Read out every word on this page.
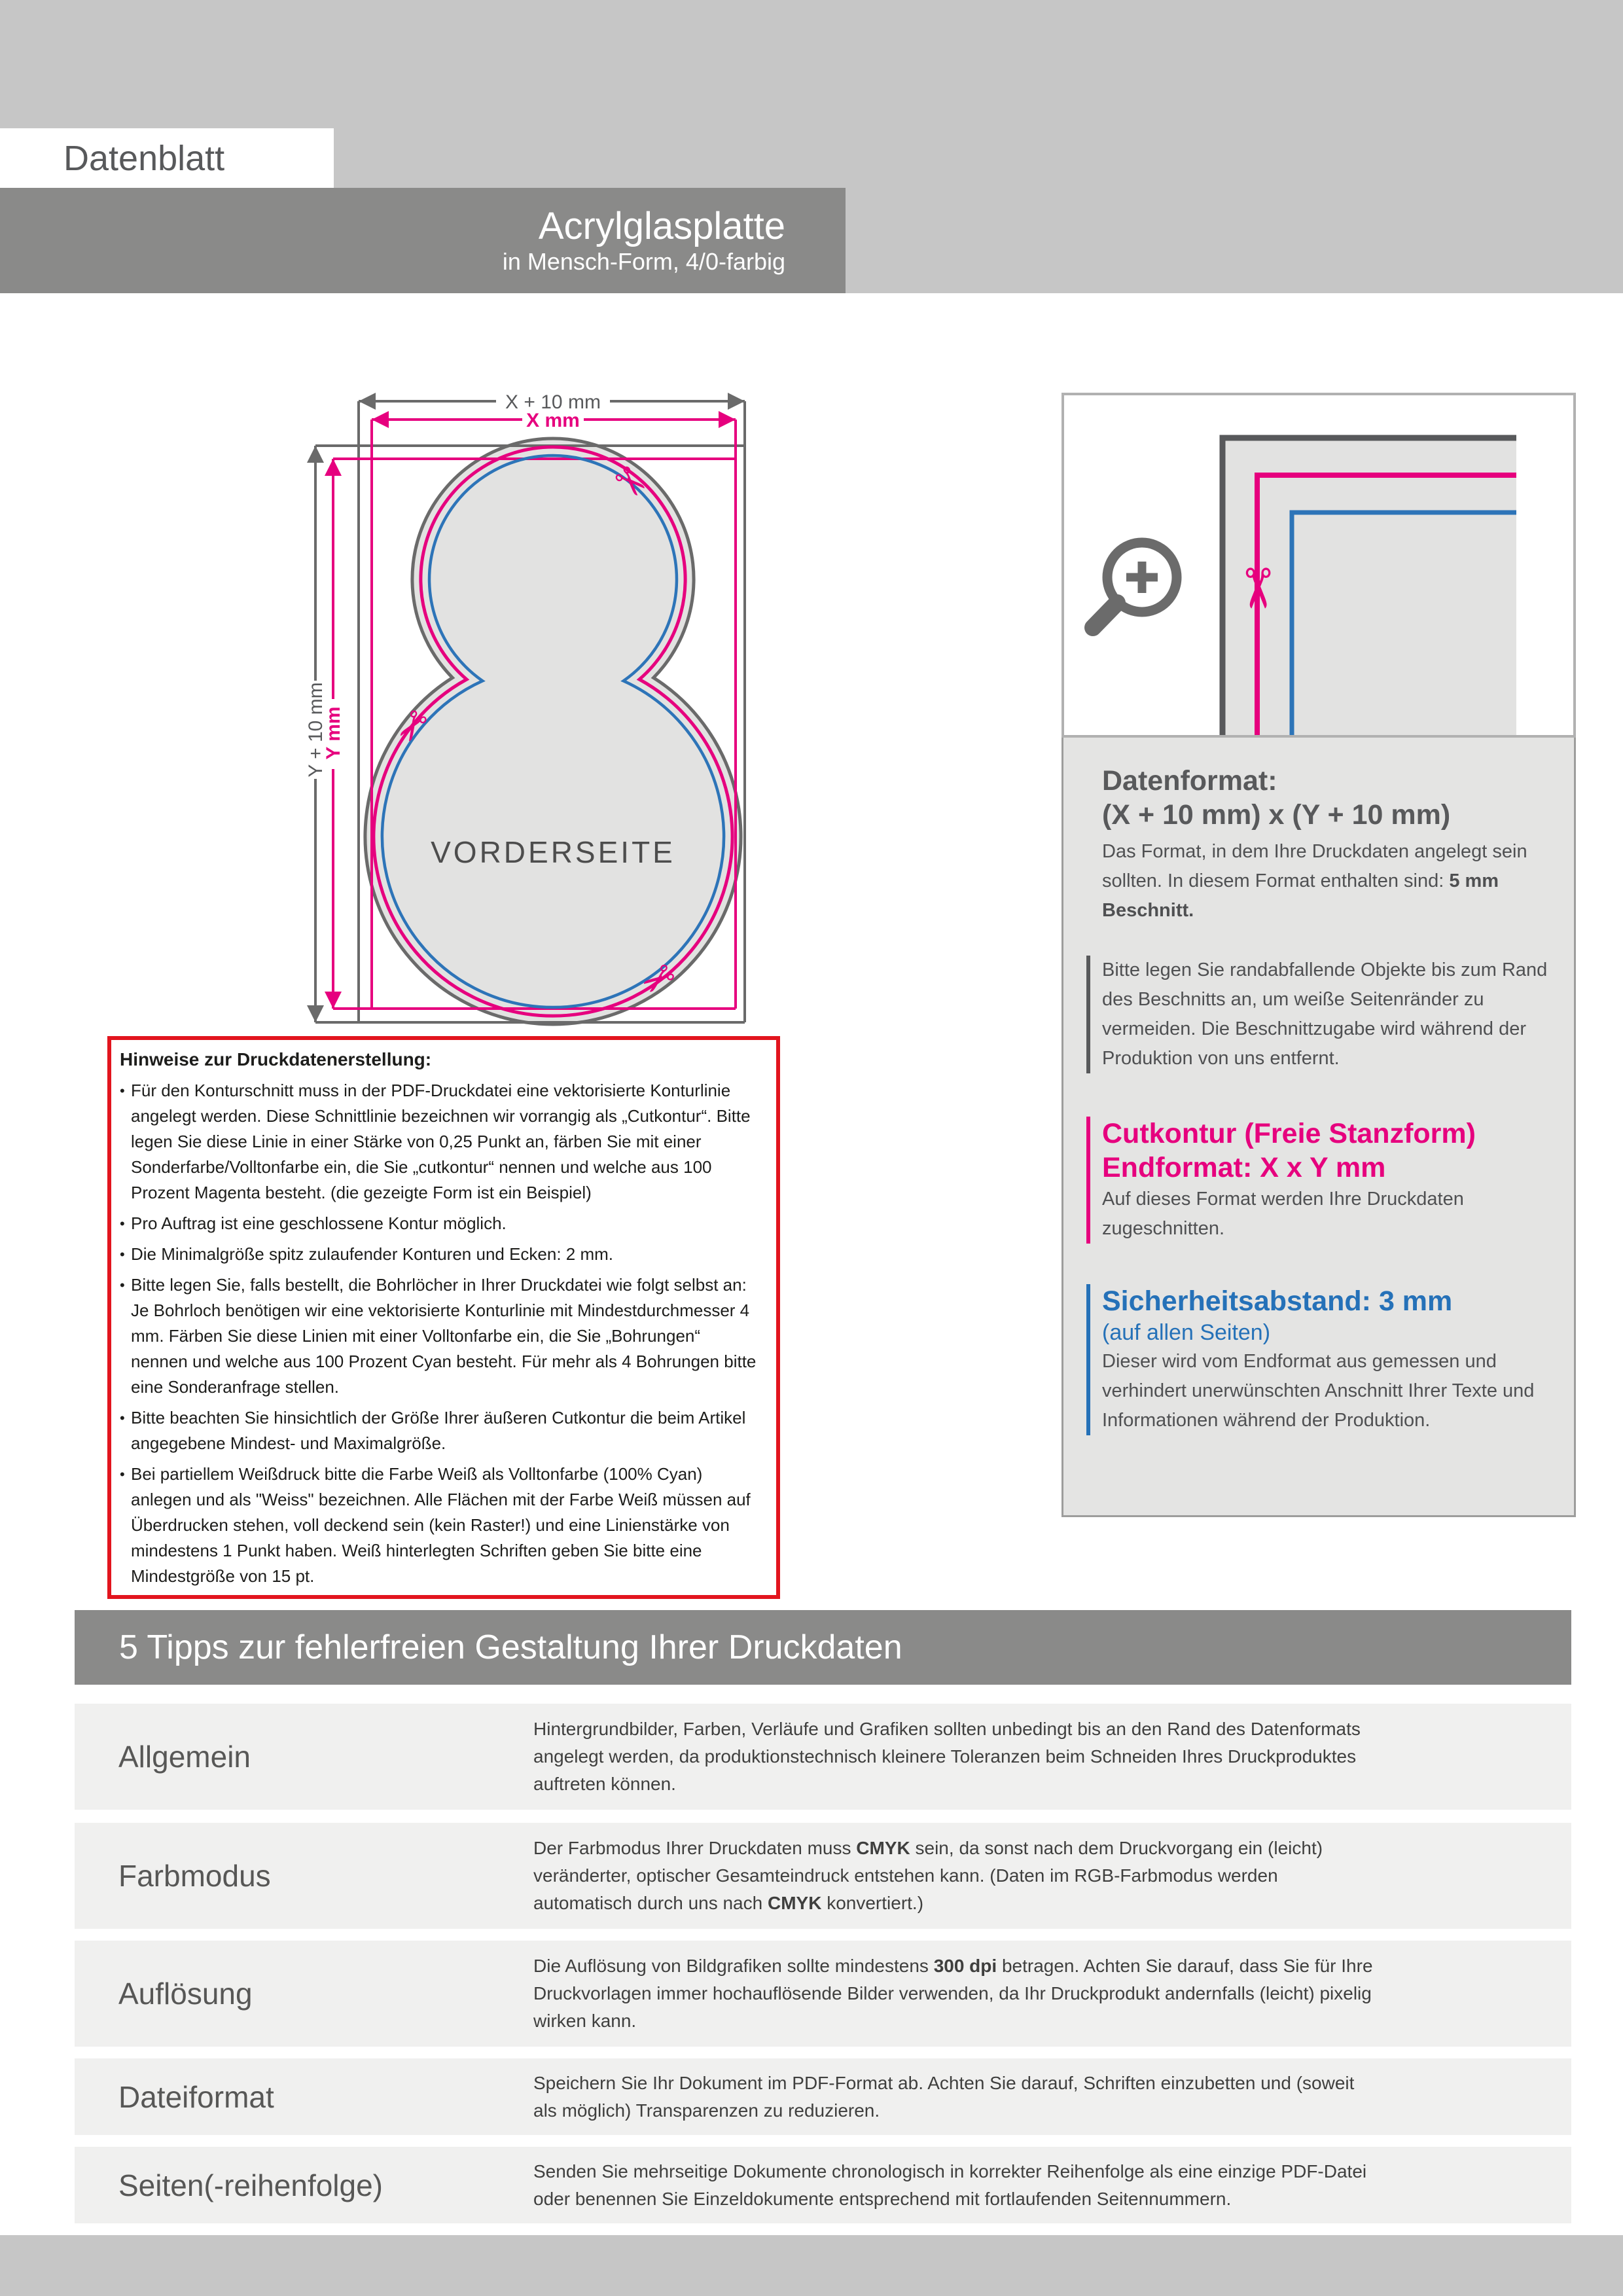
Acrylglasplatte
in Mensch-Form, 4/0-farbig
Datenblatt
X + 10 mm
X mm
Y + 10 mm
Y mm
✂
✂
✂
VORDERSEITE
Hinweise zur Druckdatenerstellung:
• Für den Konturschnitt muss in der PDF-Druckdatei eine vektorisierte Konturlinie angelegt werden. Diese Schnittlinie bezeichnen wir vorrangig als „Cutkontur“. Bitte legen Sie diese Linie in einer Stärke von 0,25 Punkt an, färben Sie mit einer Sonderfarbe/Volltonfarbe ein, die Sie „cutkontur“ nennen und welche aus 100 Prozent Magenta besteht. (die gezeigte Form ist ein Beispiel)
• Pro Auftrag ist eine geschlossene Kontur möglich.
• Die Minimalgröße spitz zulaufender Konturen und Ecken: 2 mm.
• Bitte legen Sie, falls bestellt, die Bohrlöcher in Ihrer Druckdatei wie folgt selbst an: Je Bohrloch benötigen wir eine vektorisierte Konturlinie mit Mindestdurchmesser 4 mm. Färben Sie diese Linien mit einer Volltonfarbe ein, die Sie „Bohrungen“ nennen und welche aus 100 Prozent Cyan besteht. Für mehr als 4 Bohrungen bitte eine Sonderanfrage stellen.
• Bitte beachten Sie hinsichtlich der Größe Ihrer äußeren Cutkontur die beim Artikel angegebene Mindest- und Maximalgröße.
• Bei partiellem Weißdruck bitte die Farbe Weiß als Volltonfarbe (100% Cyan) anlegen und als "Weiss" bezeichnen. Alle Flächen mit der Farbe Weiß müssen auf Überdrucken stehen, voll deckend sein (kein Raster!) und eine Linienstärke von mindestens 1 Punkt haben. Weiß hinterlegten Schriften geben Sie bitte eine Mindestgröße von 15 pt.
✂
Datenformat:
(X + 10 mm) x (Y + 10 mm)
Das Format, in dem Ihre Druckdaten angelegt sein sollten. In diesem Format enthalten sind: 5 mm Beschnitt.
Bitte legen Sie randabfallende Objekte bis zum Rand des Beschnitts an, um weiße Seitenränder zu vermeiden. Die Beschnittzugabe wird während der Produktion von uns entfernt.
Cutkontur (Freie Stanzform)
Endformat: X x Y mm
Auf dieses Format werden Ihre Druckdaten zugeschnitten.
Sicherheitsabstand: 3 mm
(auf allen Seiten)
Dieser wird vom Endformat aus gemessen und verhindert unerwünschten Anschnitt Ihrer Texte und Informationen während der Produktion.
5 Tipps zur fehlerfreien Gestaltung Ihrer Druckdaten
Allgemein
Hintergrundbilder, Farben, Verläufe und Grafiken sollten unbedingt bis an den Rand des Datenformats angelegt werden, da produktionstechnisch kleinere Toleranzen beim Schneiden Ihres Druckproduktes auftreten können.
Farbmodus
Der Farbmodus Ihrer Druckdaten muss CMYK sein, da sonst nach dem Druckvorgang ein (leicht) veränderter, optischer Gesamteindruck entstehen kann. (Daten im RGB-Farbmodus werden automatisch durch uns nach CMYK konvertiert.)
Auflösung
Die Auflösung von Bildgrafiken sollte mindestens 300 dpi betragen. Achten Sie darauf, dass Sie für Ihre Druckvorlagen immer hochauflösende Bilder verwenden, da Ihr Druckprodukt andernfalls (leicht) pixelig wirken kann.
Dateiformat	Speichern Sie Ihr Dokument im PDF-Format ab. Achten Sie darauf, Schriften einzubetten und (soweit als möglich) Transparenzen zu reduzieren.
Seiten(-reihenfolge)	Senden Sie mehrseitige Dokumente chronologisch in korrekter Reihenfolge als eine einzige PDF-Datei oder benennen Sie Einzeldokumente entsprechend mit fortlaufenden Seitennummern.
